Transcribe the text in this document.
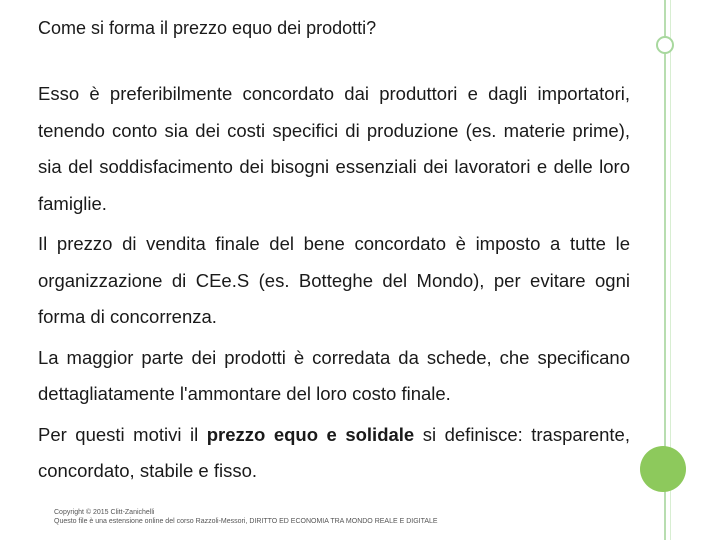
Come si forma il prezzo equo dei prodotti?

Esso è preferibilmente concordato dai produttori e dagli importatori, tenendo conto sia dei costi specifici di produzione (es. materie prime), sia del soddisfacimento dei bisogni essenziali dei lavoratori e delle loro famiglie.

Il prezzo di vendita finale del bene concordato è imposto a tutte le organizzazione di CEe.S (es. Botteghe del Mondo), per evitare ogni forma di concorrenza.

La maggior parte dei prodotti è corredata da schede, che specificano dettagliatamente l'ammontare del loro costo finale.

Per questi motivi il prezzo equo e solidale si definisce: trasparente, concordato, stabile e fisso.

Copyright © 2015 Clitt-Zanichelli
Questo file è una estensione online del corso Razzoli-Messori, DIRITTO ED ECONOMIA TRA MONDO REALE E DIGITALE
